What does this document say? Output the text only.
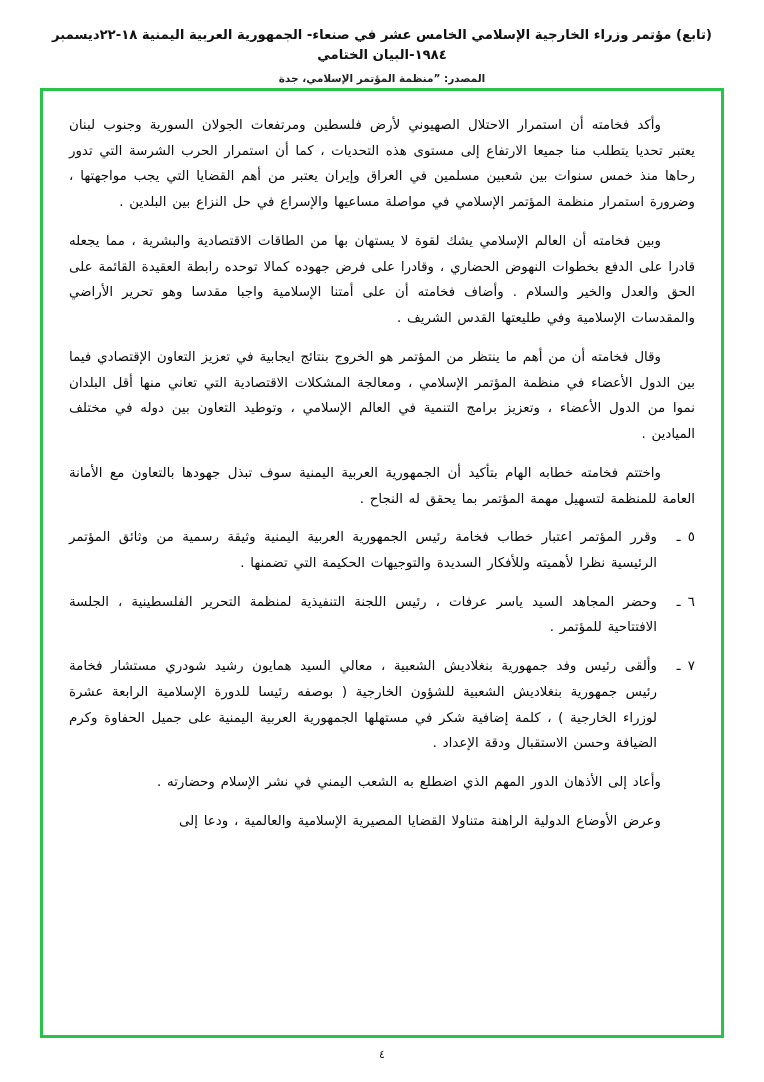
(تابع) مؤتمر وزراء الخارجية الإسلامي الخامس عشر في صنعاء- الجمهورية العربية اليمنية ١٨-٢٢ديسمبر ١٩٨٤-البيان الختامي
المصدر: ”منظمة المؤتمر الإسلامي، جدة

وأكد فخامته أن استمرار الاحتلال الصهيوني لأرض فلسطين ومرتفعات الجولان السورية وجنوب لبنان يعتبر تحديا يتطلب منا جميعا الارتفاع إلى مستوى هذه التحديات ، كما أن استمرار الحرب الشرسة التي تدور رحاها منذ خمس سنوات بين شعبين مسلمين في العراق وإيران يعتبر من أهم القضايا التي يجب مواجهتها ، وضرورة استمرار منظمة المؤتمر الإسلامي في مواصلة مساعيها والإسراع في حل النزاع بين البلدين .

وبين فخامته أن العالم الإسلامي يشك لقوة لا يستهان بها من الطاقات الاقتصادية والبشرية ، مما يجعله قادرا على الدفع بخطوات النهوض الحضاري ، وقادرا على فرض جهوده كمالا توحده رابطة العقيدة القائمة على الحق والعدل والخير والسلام . وأضاف فخامته أن على أمتنا الإسلامية واجبا مقدسا وهو تحرير الأراضي والمقدسات الإسلامية وفي طليعتها القدس الشريف .

وقال فخامته أن من أهم ما ينتظر من المؤتمر هو الخروج بنتائج ايجابية في تعزيز التعاون الإقتصادي فيما بين الدول الأعضاء في منظمة المؤتمر الإسلامي ، ومعالجة المشكلات الاقتصادية التي تعاني منها أقل البلدان نموا من الدول الأعضاء ، وتعزيز برامج التنمية في العالم الإسلامي ، وتوطيد التعاون بين دوله في مختلف الميادين .

واختتم فخامته خطابه الهام بتأكيد أن الجمهورية العربية اليمنية سوف تبذل جهودها بالتعاون مع الأمانة العامة للمنظمة لتسهيل مهمة المؤتمر بما يحقق له النجاح .

٥ ـ
وقرر المؤتمر اعتبار خطاب فخامة رئيس الجمهورية العربية اليمنية وثيقة رسمية من وثائق المؤتمر الرئيسية نظرا لأهميته وللأفكار السديدة والتوجيهات الحكيمة التي تضمنها .
٦ ـ
وحضر المجاهد السيد ياسر عرفات ، رئيس اللجنة التنفيذية لمنظمة التحرير الفلسطينية ، الجلسة الافتتاحية للمؤتمر .
٧ ـ
وألقى رئيس وفد جمهورية بنغلاديش الشعبية ، معالي السيد همايون رشيد شودري مستشار فخامة رئيس جمهورية بنغلاديش الشعبية للشؤون الخارجية ( بوصفه رئيسا للدورة الإسلامية الرابعة عشرة لوزراء الخارجية ) ، كلمة إضافية شكر في مستهلها الجمهورية العربية اليمنية على جميل الحفاوة وكرم الضيافة وحسن الاستقبال ودقة الإعداد .

وأعاد إلى الأذهان الدور المهم الذي اضطلع به الشعب اليمني في نشر الإسلام وحضارته .

وعرض الأوضاع الدولية الراهنة متناولا القضايا المصيرية الإسلامية والعالمية ، ودعا إلى

٤
